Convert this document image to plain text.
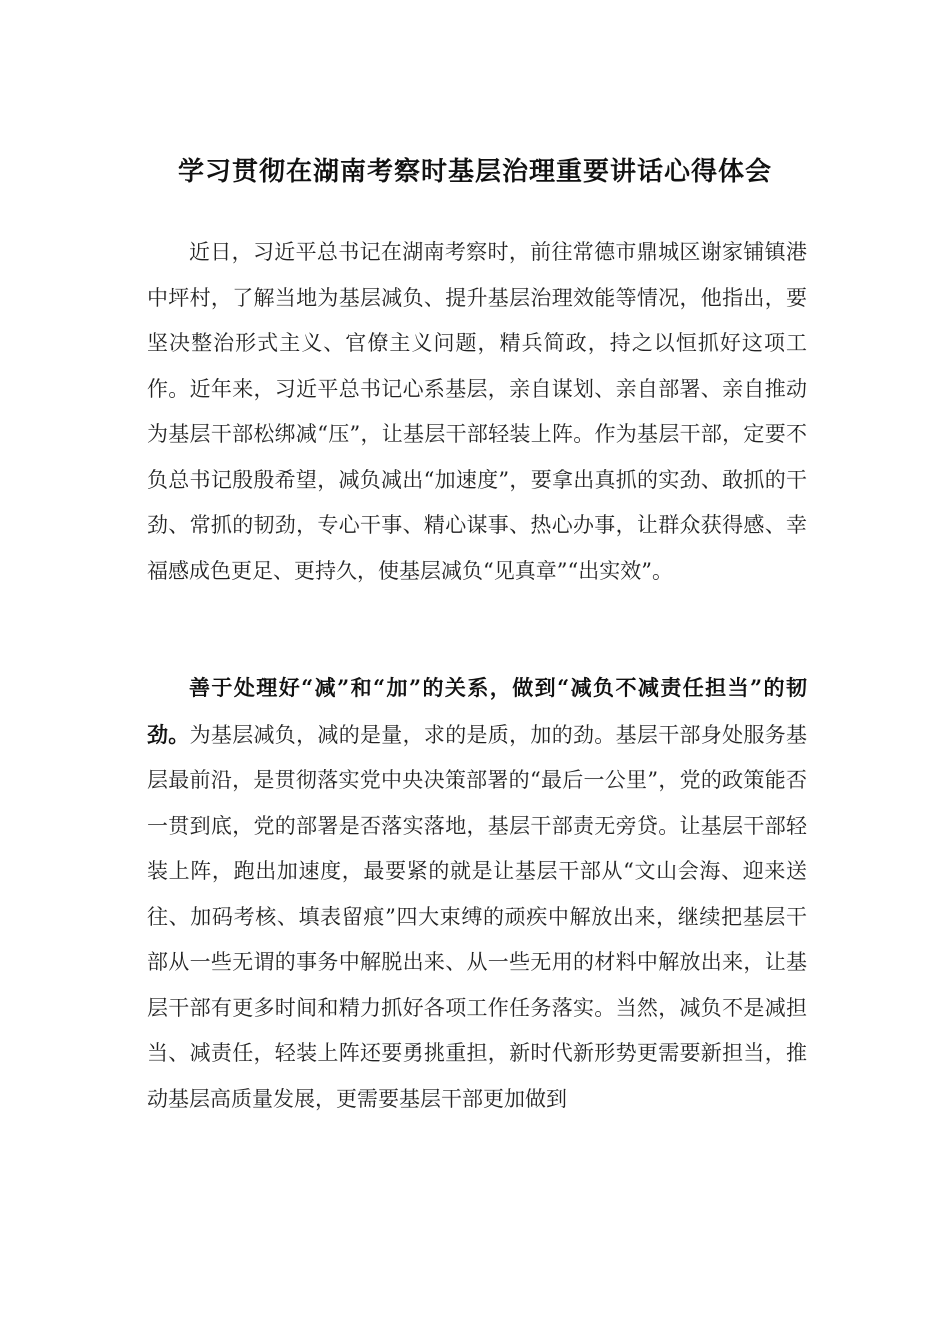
学习贯彻在湖南考察时基层治理重要讲话心得体会

近日，习近平总书记在湖南考察时，前往常德市鼎城区谢家铺镇港中坪村，了解当地为基层减负、提升基层治理效能等情况，他指出，要坚决整治形式主义、官僚主义问题，精兵简政，持之以恒抓好这项工作。近年来，习近平总书记心系基层，亲自谋划、亲自部署、亲自推动为基层干部松绑减“压”，让基层干部轻装上阵。作为基层干部，定要不负总书记殷殷希望，减负减出“加速度”，要拿出真抓的实劲、敢抓的干劲、常抓的韧劲，专心干事、精心谋事、热心办事，让群众获得感、幸福感成色更足、更持久，使基层减负“见真章”“出实效”。

善于处理好“减”和“加”的关系，做到“减负不减责任担当”的韧劲。为基层减负，减的是量，求的是质，加的劲。基层干部身处服务基层最前沿，是贯彻落实党中央决策部署的“最后一公里”，党的政策能否一贯到底，党的部署是否落实落地，基层干部责无旁贷。让基层干部轻装上阵，跑出加速度，最要紧的就是让基层干部从“文山会海、迎来送往、加码考核、填表留痕”四大束缚的顽疾中解放出来，继续把基层干部从一些无谓的事务中解脱出来、从一些无用的材料中解放出来，让基层干部有更多时间和精力抓好各项工作任务落实。当然，减负不是减担当、减责任，轻装上阵还要勇挑重担，新时代新形势更需要新担当，推动基层高质量发展，更需要基层干部更加做到
